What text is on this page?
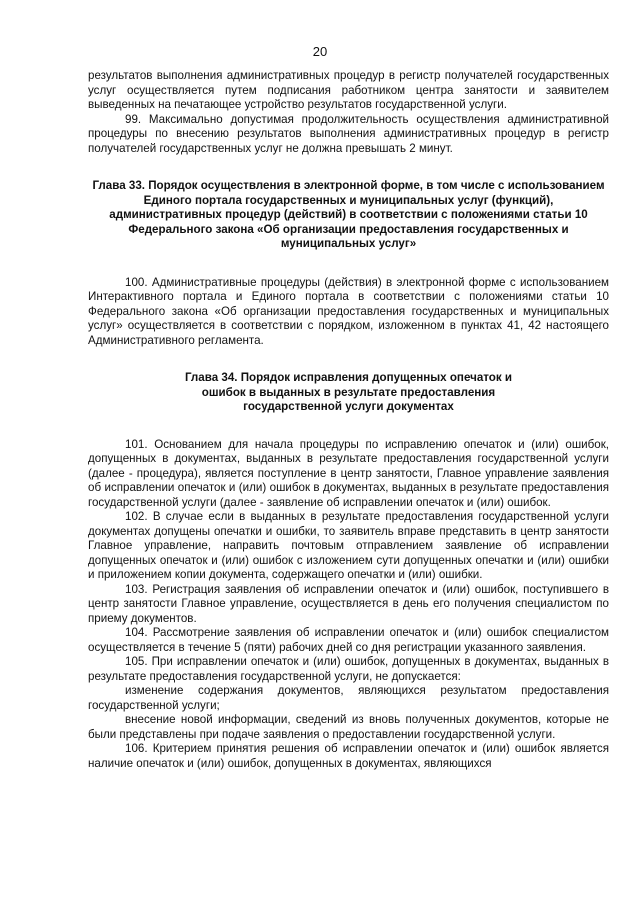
20

результатов выполнения административных процедур в регистр получателей государственных услуг осуществляется путем подписания работником центра занятости и заявителем выведенных на печатающее устройство результатов государственной услуги.

99. Максимально допустимая продолжительность осуществления административной процедуры по внесению результатов выполнения административных процедур в регистр получателей государственных услуг не должна превышать 2 минут.

Глава 33. Порядок осуществления в электронной форме, в том числе с использованием Единого портала государственных и муниципальных услуг (функций), административных процедур (действий) в соответствии с положениями статьи 10 Федерального закона «Об организации предоставления государственных и муниципальных услуг»

100. Административные процедуры (действия) в электронной форме с использованием Интерактивного портала и Единого портала в соответствии с положениями статьи 10 Федерального закона «Об организации предоставления государственных и муниципальных услуг» осуществляется в соответствии с порядком, изложенном в пунктах 41, 42 настоящего Административного регламента.

Глава 34. Порядок исправления допущенных опечаток и ошибок в выданных в результате предоставления государственной услуги документах

101. Основанием для начала процедуры по исправлению опечаток и (или) ошибок, допущенных в документах, выданных в результате предоставления государственной услуги (далее - процедура), является поступление в центр занятости, Главное управление заявления об исправлении опечаток и (или) ошибок в документах, выданных в результате предоставления государственной услуги (далее - заявление об исправлении опечаток и (или) ошибок.

102. В случае если в выданных в результате предоставления государственной услуги документах допущены опечатки и ошибки, то заявитель вправе представить в центр занятости Главное управление, направить почтовым отправлением заявление об исправлении допущенных опечаток и (или) ошибок с изложением сути допущенных опечатки и (или) ошибки и приложением копии документа, содержащего опечатки и (или) ошибки.

103. Регистрация заявления об исправлении опечаток и (или) ошибок, поступившего в центр занятости Главное управление, осуществляется в день его получения специалистом по приему документов.

104. Рассмотрение заявления об исправлении опечаток и (или) ошибок специалистом осуществляется в течение 5 (пяти) рабочих дней со дня регистрации указанного заявления.

105. При исправлении опечаток и (или) ошибок, допущенных в документах, выданных в результате предоставления государственной услуги, не допускается:

изменение содержания документов, являющихся результатом предоставления государственной услуги;

внесение новой информации, сведений из вновь полученных документов, которые не были представлены при подаче заявления о предоставлении государственной услуги.

106. Критерием принятия решения об исправлении опечаток и (или) ошибок является наличие опечаток и (или) ошибок, допущенных в документах, являющихся
